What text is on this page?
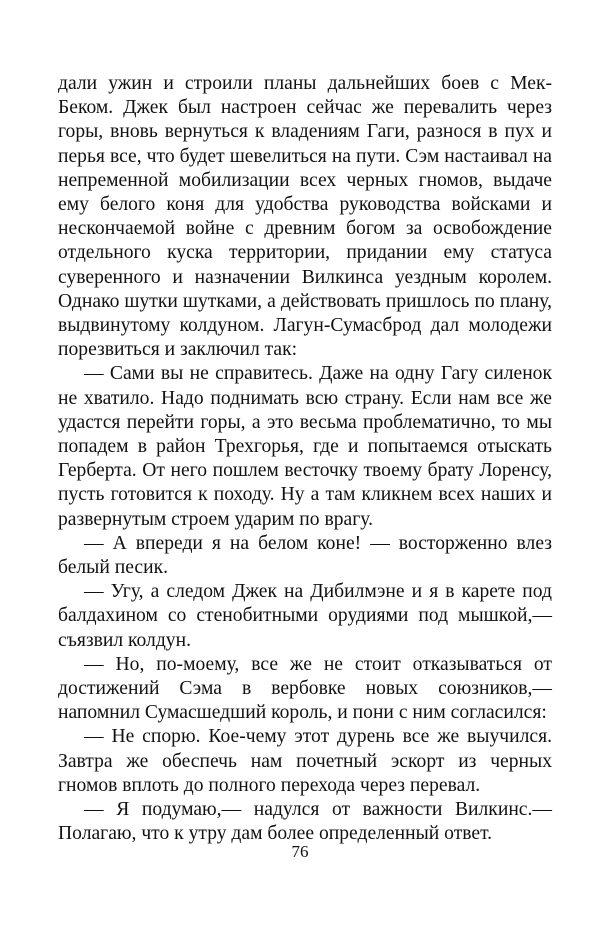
дали ужин и строили планы дальнейших боев с Мек-Беком. Джек был настроен сейчас же перевалить через горы, вновь вернуться к владениям Гаги, разнося в пух и перья все, что будет шевелиться на пути. Сэм настаивал на непременной мобилизации всех черных гномов, выдаче ему белого коня для удобства руководства войсками и нескончаемой войне с древним богом за освобождение отдельного куска территории, придании ему статуса суверенного и назначении Вилкинса уездным королем. Однако шутки шутками, а действовать пришлось по плану, выдвинутому колдуном. Лагун-Сумасброд дал молодежи порезвиться и заключил так:

— Сами вы не справитесь. Даже на одну Гагу силенок не хватило. Надо поднимать всю страну. Если нам все же удастся перейти горы, а это весьма проблематично, то мы попадем в район Трехгорья, где и попытаемся отыскать Герберта. От него пошлем весточку твоему брату Лоренсу, пусть готовится к походу. Ну а там кликнем всех наших и развернутым строем ударим по врагу.

— А впереди я на белом коне! — восторженно влез белый песик.

— Угу, а следом Джек на Дибилмэне и я в карете под балдахином со стенобитными орудиями под мышкой,— съязвил колдун.

— Но, по-моему, все же не стоит отказываться от достижений Сэма в вербовке новых союзников,— напомнил Сумасшедший король, и пони с ним согласился:

— Не спорю. Кое-чему этот дурень все же выучился. Завтра же обеспечь нам почетный эскорт из черных гномов вплоть до полного перехода через перевал.

— Я подумаю,— надулся от важности Вилкинс.— Полагаю, что к утру дам более определенный ответ.

76
